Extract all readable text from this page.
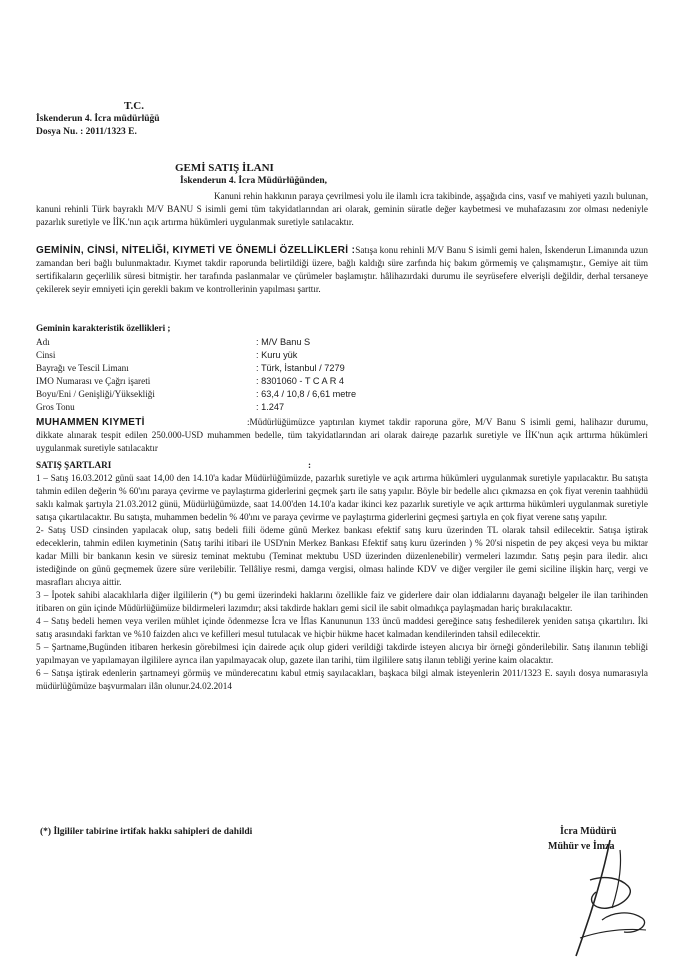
T.C.
İskenderun 4. İcra müdürlüğü
Dosya Nu. : 2011/1323 E.
GEMİ SATIŞ İLANI
İskenderun 4. İcra Müdürlüğünden,

Kanuni rehin hakkının paraya çevrilmesi yolu ile ilamlı icra takibinde, aşşağıda cins, vasıf ve mahiyeti yazılı bulunan, kanuni rehinli Türk bayraklı M/V BANU S isimli gemi tüm takyidatlarından ari olarak, geminin süratle değer kaybetmesi ve muhafazasını zor olması nedeniyle pazarlık suretiyle ve İİK.'nın açık artırma hükümleri uygulanmak suretiyle satılacaktır.

GEMİNİN, CİNSİ, NİTELİĞİ, KIYMETİ VE ÖNEMLİ ÖZELLİKLERİ :Satışa konu rehinli M/V Banu S isimli gemi halen, İskenderun Limanında uzun zamandan beri bağlı bulunmaktadır. Kıymet takdir raporunda belirtildiği üzere, bağlı kaldığı süre zarfında hiç bakım görmemiş ve çalışmamıştır., Gemiye ait tüm sertifikaların geçerlilik süresi bitmiştir. her tarafında paslanmalar ve çürümeler başlamıştır. hâlihazırdaki durumu ile seyrüsefere elverişli değildir, derhal tersaneye çekilerek seyir emniyeti için gerekli bakım ve kontrollerinin yapılması şarttır.

Geminin karakteristik özellikleri ;
Adı	: M/V Banu S
Cinsi	: Kuru yük
Bayrağı ve Tescil Limanı	: Türk, İstanbul / 7279
IMO Numarası ve Çağrı işareti	: 8301060 - T C A R 4
Boyu/Eni / Genişliği/Yüksekliği	: 63,4 / 10,8 / 6,61 metre
Gros Tonu	: 1.247

MUHAMMEN KIYMETİ	:Müdürlüğümüzce yaptırılan kıymet takdir raporuna göre, M/V Banu S isimli gemi, halihazır durumu, dikkate alınarak tespit edilen 250.000-USD muhammen bedelle, tüm takyidatlarından ari olarak daireде pazarlık suretiyle ve İİK'nun açık arttırma hükümleri uygulanmak suretiyle satılacaktır

SATIŞ ŞARTLARI	:

1 – Satış 16.03.2012 günü saat 14,00 den 14.10'a kadar Müdürlüğümüzde, pazarlık suretiyle ve açık artırma hükümleri uygulanmak suretiyle yapılacaktır. Bu satışta tahmin edilen değerin % 60'ını paraya çevirme ve paylaştırma giderlerini geçmek şartı ile satış yapılır. Böyle bir bedelle alıcı çıkmazsa en çok fiyat verenin taahhüdü saklı kalmak şartıyla 21.03.2012 günü, Müdürlüğümüzde, saat 14.00'den 14.10'a kadar ikinci kez pazarlık suretiyle ve açık arttırma hükümleri uygulanmak suretiyle satışa çıkartılacaktır. Bu satışta, muhammen bedelin % 40'ını ve paraya çevirme ve paylaştırma giderlerini geçmesi şartıyla en çok fiyat verene satış yapılır.

2- Satış USD cinsinden yapılacak olup, satış bedeli fiili ödeme günü Merkez bankası efektif satış kuru üzerinden TL olarak tahsil edilecektir. Satışa iştirak edeceklerin, tahmin edilen kıymetinin (Satış tarihi itibari ile USD'nin Merkez Bankası Efektif satış kuru üzerinden ) % 20'si nispetin de pey akçesi veya bu miktar kadar Milli bir bankanın kesin ve süresiz teminat mektubu (Teminat mektubu USD üzerinden düzenlenebilir) vermeleri lazımdır. Satış peşin para iledir. alıcı istediğinde on günü geçmemek üzere süre verilebilir. Tellâliye resmi, damga vergisi, olması halinde KDV ve diğer vergiler ile gemi siciline ilişkin harç, vergi ve masrafları alıcıya aittir.

3 – İpotek sahibi alacaklılarla diğer ilgililerin (*) bu gemi üzerindeki haklarını özellikle faiz ve giderlere dair olan iddialarını dayanağı belgeler ile ilan tarihinden itibaren on gün içinde Müdürlüğümüze bildirmeleri lazımdır; aksi takdirde hakları gemi sicil ile sabit olmadıkça paylaşmadan hariç bırakılacaktır.

4 – Satış bedeli hemen veya verilen mühlet içinde ödenmezse İcra ve İflas Kanununun 133 üncü maddesi gereğince satış feshedilerek yeniden satışa çıkartılırı. İki satış arasındaki farktan ve %10 faizden alıcı ve kefilleri mesul tutulacak ve hiçbir hükme hacet kalmadan kendilerinden tahsil edilecektir.

5 – Şartname,Bugünden itibaren herkesin görebilmesi için dairede açık olup gideri verildiği takdirde isteyen alıcıya bir örneği gönderilebilir. Satış ilanının tebliği yapılmayan ve yapılamayan ilgililere ayrıca ilan yapılmayacak olup, gazete ilan tarihi, tüm ilgililere satış ilanın tebliği yerine kaim olacaktır.

6 – Satışa iştirak edenlerin şartnameyi görmüş ve münderecatını kabul etmiş sayılacakları, başkaca bilgi almak isteyenlerin 2011/1323 E. sayılı dosya numarasıyla müdürlüğümüze başvurmaları ilân olunur.24.02.2014

(*) İlgililer tabirine irtifak hakkı sahipleri de dahildi	İcra Müdürü
Mühür ve İmza
